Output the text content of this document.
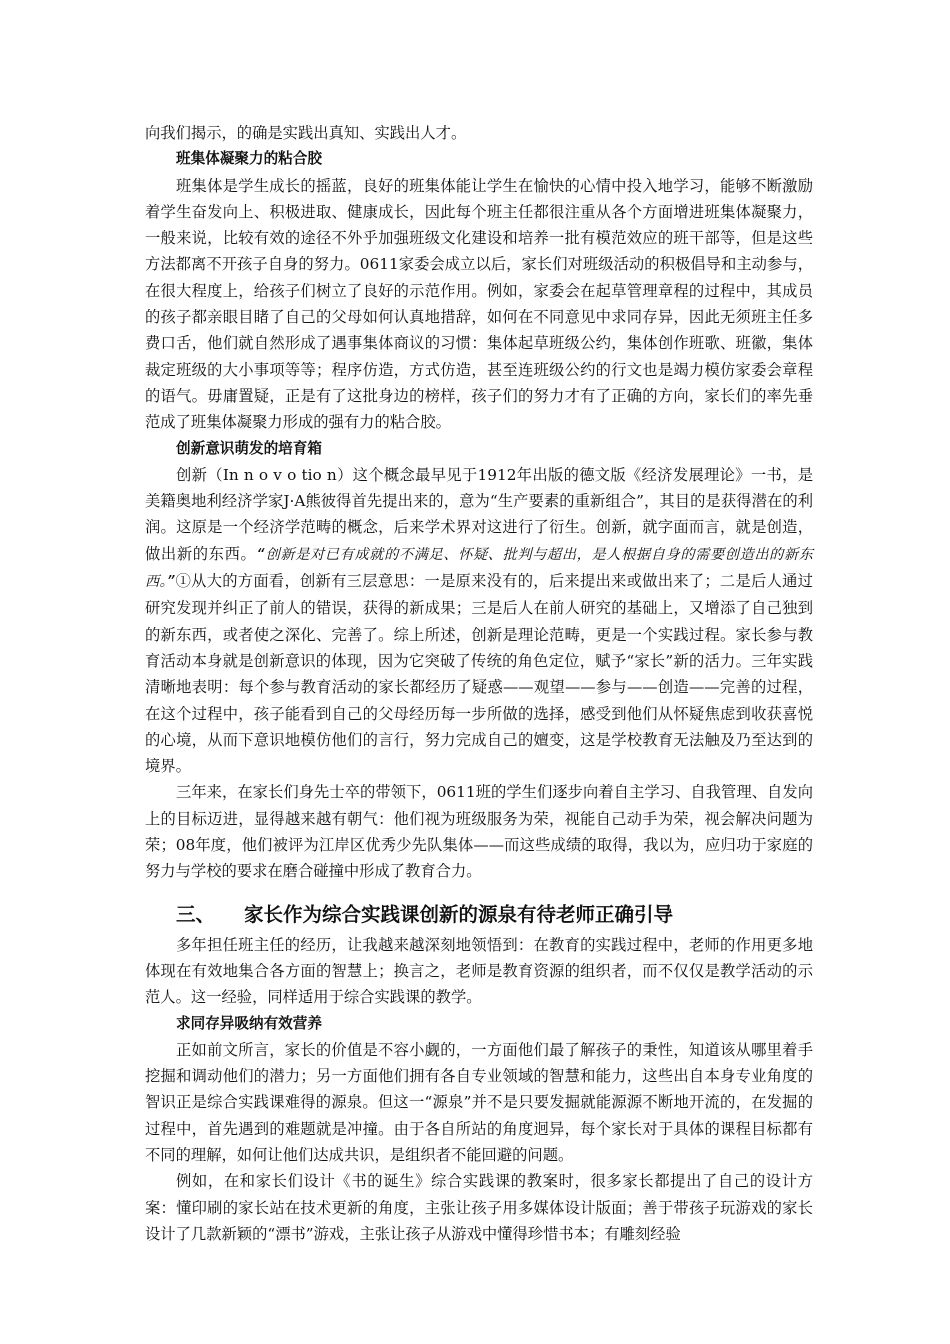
向我们揭示，的确是实践出真知、实践出人才。

班集体凝聚力的粘合胶

班集体是学生成长的摇蓝，良好的班集体能让学生在愉快的心情中投入地学习，能够不断激励着学生奋发向上、积极进取、健康成长，因此每个班主任都很注重从各个方面增进班集体凝聚力，一般来说，比较有效的途径不外乎加强班级文化建设和培养一批有模范效应的班干部等，但是这些方法都离不开孩子自身的努力。0611家委会成立以后，家长们对班级活动的积极倡导和主动参与，在很大程度上，给孩子们树立了良好的示范作用。例如，家委会在起草管理章程的过程中，其成员的孩子都亲眼目睹了自己的父母如何认真地措辞，如何在不同意见中求同存异，因此无须班主任多费口舌，他们就自然形成了遇事集体商议的习惯：集体起草班级公约，集体创作班歌、班徽，集体裁定班级的大小事项等等；程序仿造，方式仿造，甚至连班级公约的行文也是竭力模仿家委会章程的语气。毋庸置疑，正是有了这批身边的榜样，孩子们的努力才有了正确的方向，家长们的率先垂范成了班集体凝聚力形成的强有力的粘合胶。

创新意识萌发的培育箱

创新（In n o v o tio n）这个概念最早见于1912年出版的德文版《经济发展理论》一书，是美籍奥地利经济学家J·A熊彼得首先提出来的，意为“生产要素的重新组合”，其目的是获得潜在的利润。这原是一个经济学范畴的概念，后来学术界对这进行了衍生。创新，就字面而言，就是创造，做出新的东西。“创新是对已有成就的不满足、怀疑、批判与超出，是人根据自身的需要创造出的新东西。”①从大的方面看，创新有三层意思：一是原来没有的，后来提出来或做出来了；二是后人通过研究发现并纠正了前人的错误，获得的新成果；三是后人在前人研究的基础上，又增添了自己独到的新东西，或者使之深化、完善了。综上所述，创新是理论范畴，更是一个实践过程。家长参与教育活动本身就是创新意识的体现，因为它突破了传统的角色定位，赋予“家长”新的活力。三年实践清晰地表明：每个参与教育活动的家长都经历了疑惑——观望——参与——创造——完善的过程，在这个过程中，孩子能看到自己的父母经历每一步所做的选择，感受到他们从怀疑焦虑到收获喜悦的心境，从而下意识地模仿他们的言行，努力完成自己的嬗变，这是学校教育无法触及乃至达到的境界。

三年来，在家长们身先士卒的带领下，0611班的学生们逐步向着自主学习、自我管理、自发向上的目标迈进，显得越来越有朝气：他们视为班级服务为荣，视能自己动手为荣，视会解决问题为荣；08年度，他们被评为江岸区优秀少先队集体——而这些成绩的取得，我以为，应归功于家庭的努力与学校的要求在磨合碰撞中形成了教育合力。

三、 家长作为综合实践课创新的源泉有待老师正确引导

多年担任班主任的经历，让我越来越深刻地领悟到：在教育的实践过程中，老师的作用更多地体现在有效地集合各方面的智慧上；换言之，老师是教育资源的组织者，而不仅仅是教学活动的示范人。这一经验，同样适用于综合实践课的教学。

求同存异吸纳有效营养

正如前文所言，家长的价值是不容小觑的，一方面他们最了解孩子的秉性，知道该从哪里着手挖掘和调动他们的潜力；另一方面他们拥有各自专业领域的智慧和能力，这些出自本身专业角度的智识正是综合实践课难得的源泉。但这一“源泉”并不是只要发掘就能源源不断地开流的，在发掘的过程中，首先遇到的难题就是冲撞。由于各自所站的角度迥异，每个家长对于具体的课程目标都有不同的理解，如何让他们达成共识，是组织者不能回避的问题。

例如，在和家长们设计《书的诞生》综合实践课的教案时，很多家长都提出了自己的设计方案：懂印刷的家长站在技术更新的角度，主张让孩子用多媒体设计版面；善于带孩子玩游戏的家长设计了几款新颖的“漂书”游戏，主张让孩子从游戏中懂得珍惜书本；有雕刻经验
